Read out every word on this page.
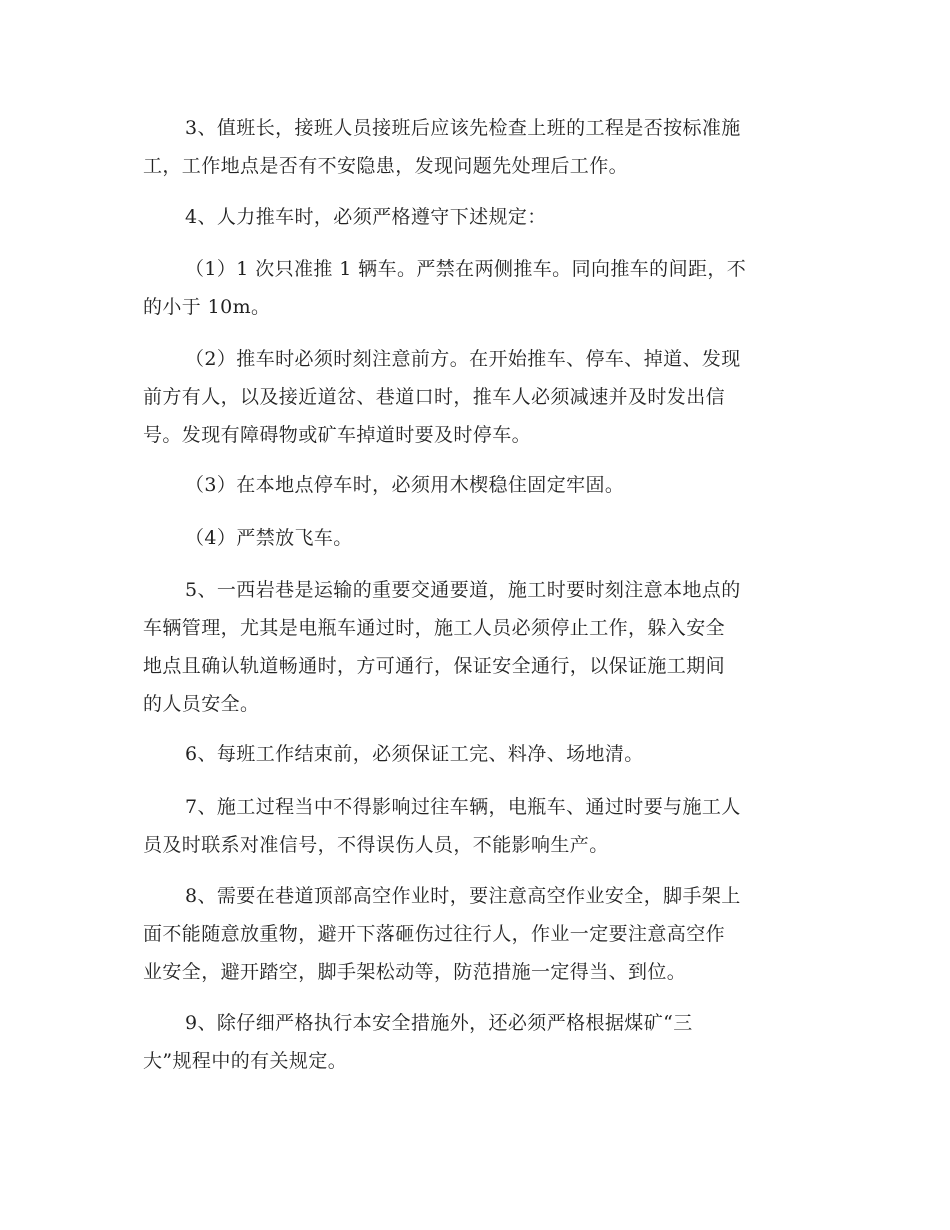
3、值班长，接班人员接班后应该先检查上班的工程是否按标准施
工，工作地点是否有不安隐患，发现问题先处理后工作。

4、人力推车时，必须严格遵守下述规定：

（1）1 次只准推 1 辆车。严禁在两侧推车。同向推车的间距，不
的小于 10m。

（2）推车时必须时刻注意前方。在开始推车、停车、掉道、发现
前方有人，以及接近道岔、巷道口时，推车人必须减速并及时发出信
号。发现有障碍物或矿车掉道时要及时停车。

（3）在本地点停车时，必须用木楔稳住固定牢固。

（4）严禁放飞车。

5、一西岩巷是运输的重要交通要道，施工时要时刻注意本地点的
车辆管理，尤其是电瓶车通过时，施工人员必须停止工作，躲入安全
地点且确认轨道畅通时，方可通行，保证安全通行，以保证施工期间
的人员安全。

6、每班工作结束前，必须保证工完、料净、场地清。

7、施工过程当中不得影响过往车辆，电瓶车、通过时要与施工人
员及时联系对准信号，不得误伤人员，不能影响生产。

8、需要在巷道顶部高空作业时，要注意高空作业安全，脚手架上
面不能随意放重物，避开下落砸伤过往行人，作业一定要注意高空作
业安全，避开踏空，脚手架松动等，防范措施一定得当、到位。

9、除仔细严格执行本安全措施外，还必须严格根据煤矿“三
大”规程中的有关规定。
